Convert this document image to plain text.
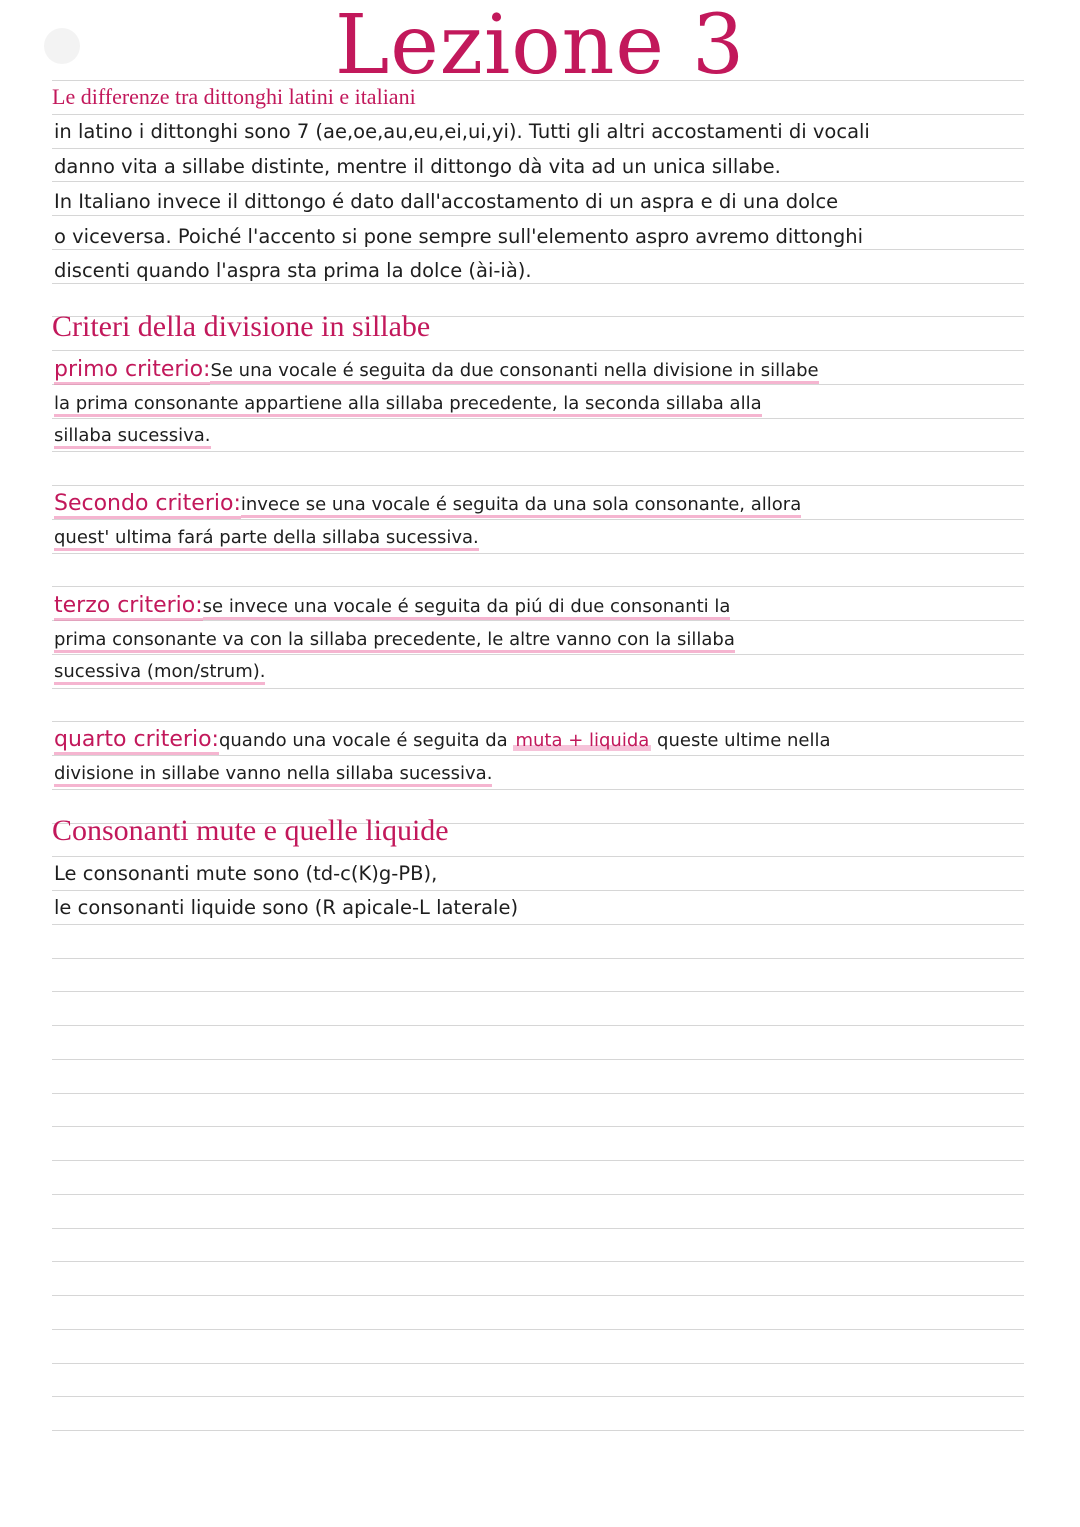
Lezione 3
Le differenze tra dittonghi latini e italiani
in latino i dittonghi sono 7 (ae,oe,au,eu,ei,ui,yi). Tutti gli altri accostamenti di vocali
danno vita a sillabe distinte, mentre il dittongo dà vita ad un unica sillabe.
In Italiano invece il dittongo é dato dall'accostamento di un aspra e di una dolce
o viceversa. Poiché l'accento si pone sempre sull'elemento aspro avremo dittonghi
discenti quando l'aspra sta prima la dolce (ài-ià).
Criteri della divisione in sillabe
primo criterio:Se una vocale é seguita da due consonanti nella divisione in sillabe
la prima consonante appartiene alla sillaba precedente, la seconda sillaba alla
sillaba sucessiva.
Secondo criterio:invece se una vocale é seguita da una sola consonante, allora
quest' ultima fará parte della sillaba sucessiva.
terzo criterio:se invece una vocale é seguita da piú di due consonanti la
prima consonante va con la sillaba precedente, le altre vanno con la sillaba
sucessiva (mon/strum).
quarto criterio:quando una vocale é seguita da muta + liquida queste ultime nella
divisione in sillabe vanno nella sillaba sucessiva.
Consonanti mute e quelle liquide
Le consonanti mute sono (td-c(K)g-PB),
le consonanti liquide sono (R apicale-L laterale)
